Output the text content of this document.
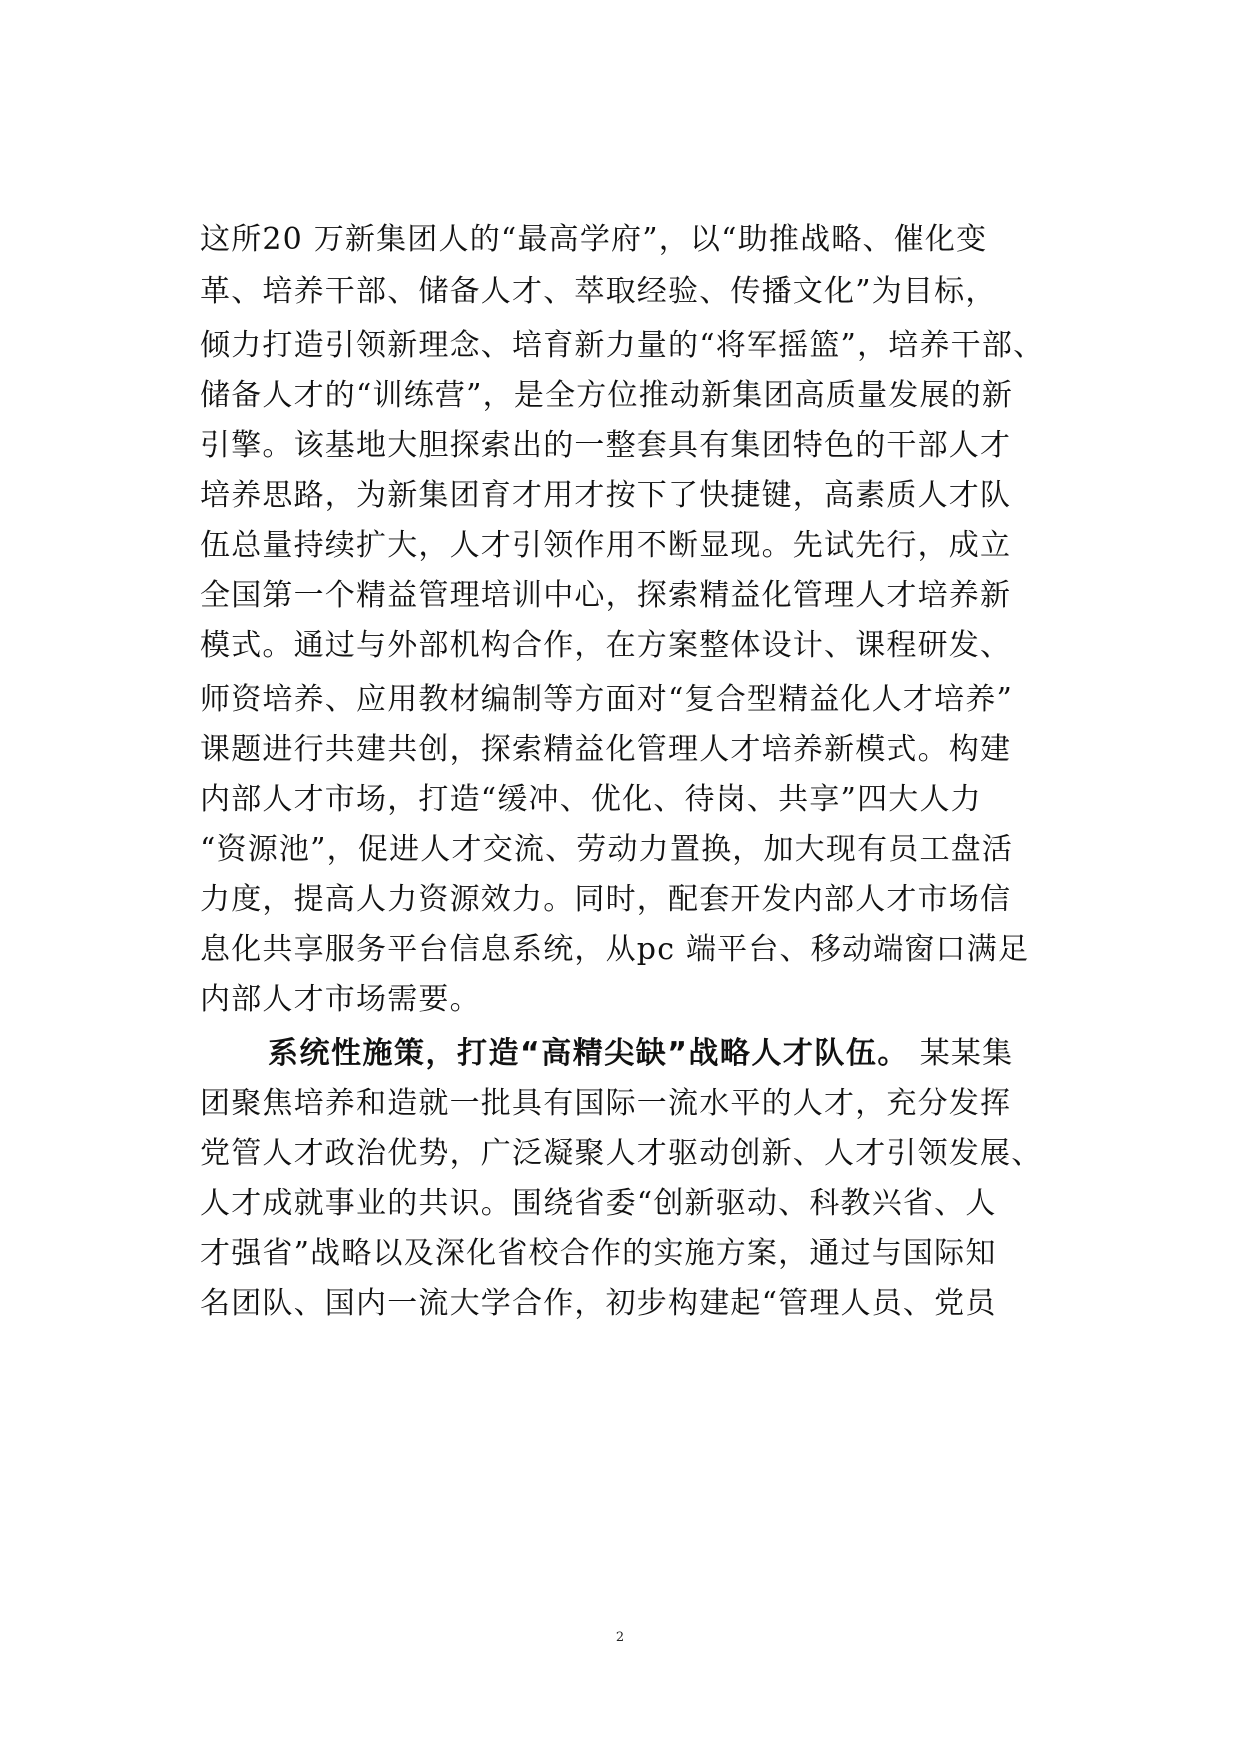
这所20 万新集团人的“最高学府”，以“助推战略、催化变
革、培养干部、储备人才、萃取经验、传播文化”为目标，
倾力打造引领新理念、培育新力量的“将军摇篮”，培养干部、
储备人才的“训练营”，是全方位推动新集团高质量发展的新
引擎。该基地大胆探索出的一整套具有集团特色的干部人才
培养思路，为新集团育才用才按下了快捷键，高素质人才队
伍总量持续扩大，人才引领作用不断显现。先试先行，成立
全国第一个精益管理培训中心，探索精益化管理人才培养新
模式。通过与外部机构合作，在方案整体设计、课程研发、
师资培养、应用教材编制等方面对“复合型精益化人才培养”
课题进行共建共创，探索精益化管理人才培养新模式。构建
内部人才市场，打造“缓冲、优化、待岗、共享”四大人力
“资源池”，促进人才交流、劳动力置换，加大现有员工盘活
力度，提高人力资源效力。同时，配套开发内部人才市场信
息化共享服务平台信息系统，从pc 端平台、移动端窗口满足
内部人才市场需要。
系统性施策，打造“高精尖缺”战略人才队伍。 某某集
团聚焦培养和造就一批具有国际一流水平的人才，充分发挥
党管人才政治优势，广泛凝聚人才驱动创新、人才引领发展、
人才成就事业的共识。围绕省委“创新驱动、科教兴省、人
才强省”战略以及深化省校合作的实施方案，通过与国际知
名团队、国内一流大学合作，初步构建起“管理人员、党员
2
